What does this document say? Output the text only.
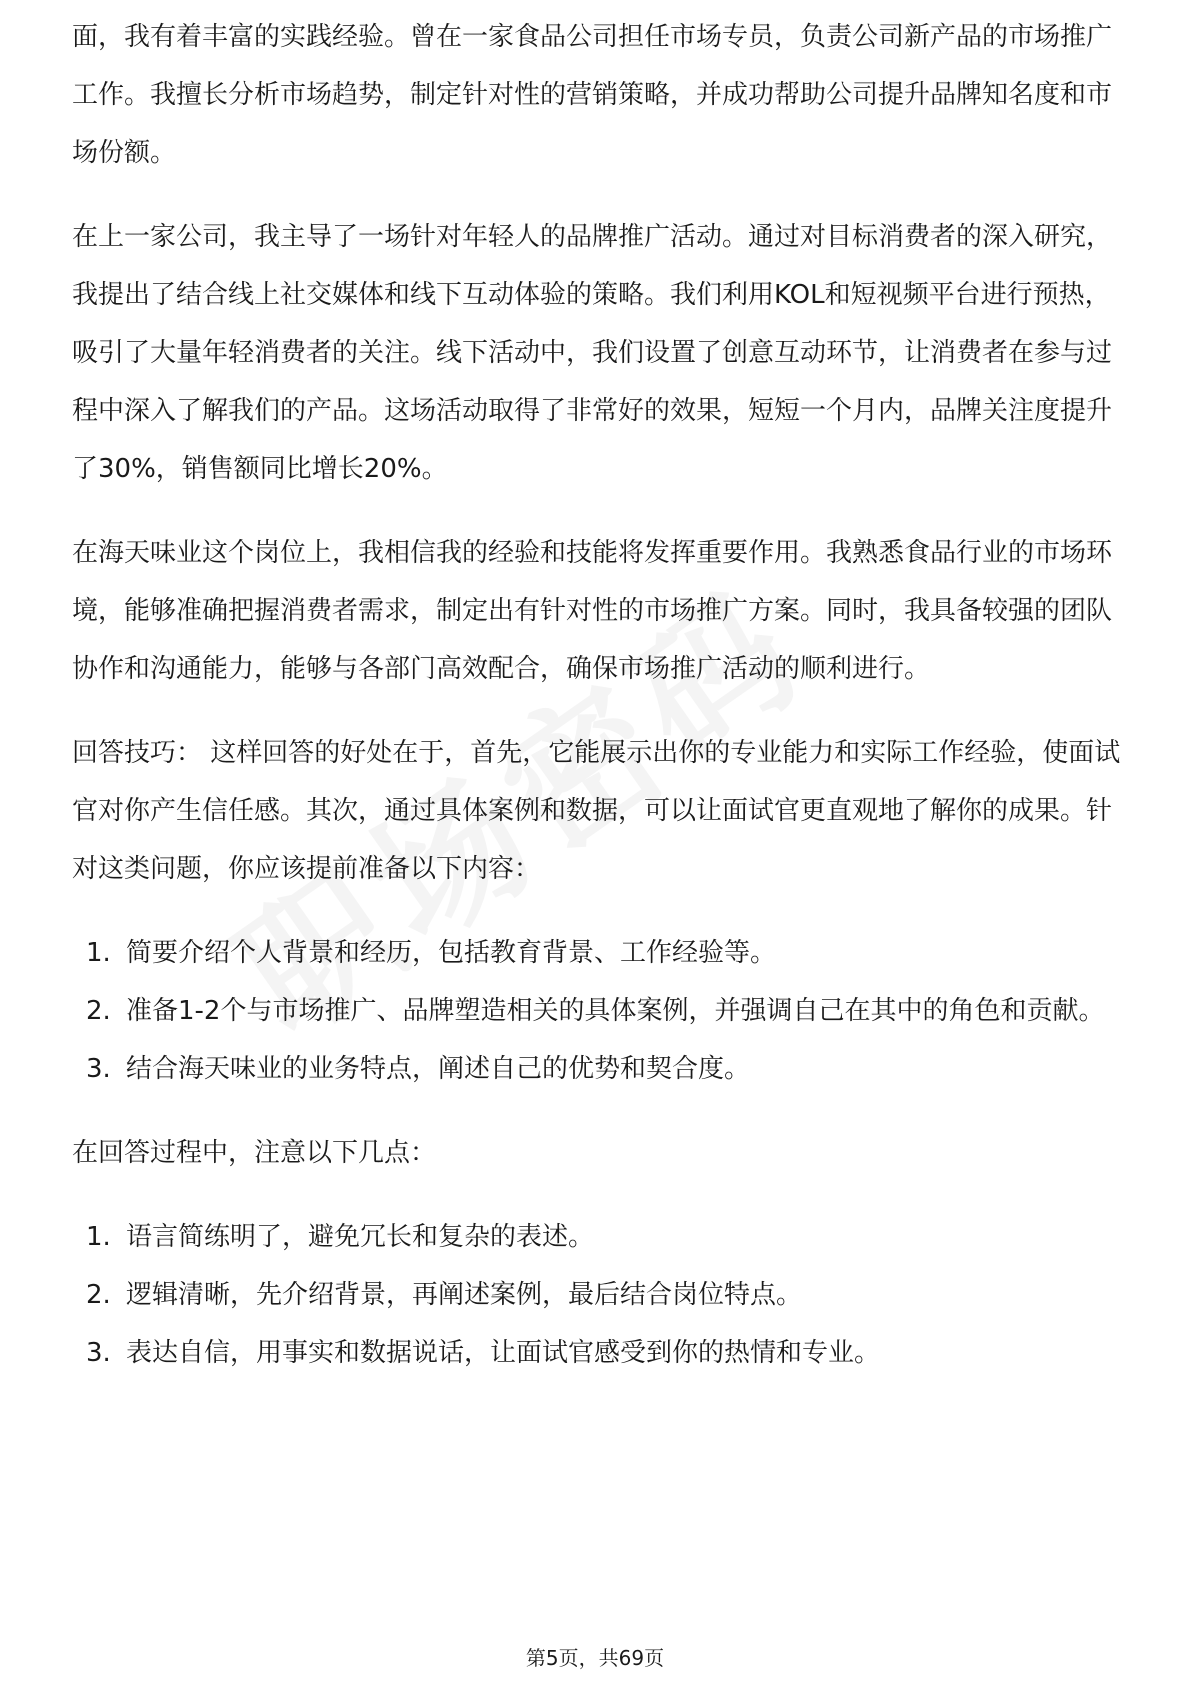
面，我有着丰富的实践经验。曾在一家食品公司担任市场专员，负责公司新产品的市场推广工作。我擅长分析市场趋势，制定针对性的营销策略，并成功帮助公司提升品牌知名度和市场份额。

在上一家公司，我主导了一场针对年轻人的品牌推广活动。通过对目标消费者的深入研究，我提出了结合线上社交媒体和线下互动体验的策略。我们利用KOL和短视频平台进行预热，吸引了大量年轻消费者的关注。线下活动中，我们设置了创意互动环节，让消费者在参与过程中深入了解我们的产品。这场活动取得了非常好的效果，短短一个月内，品牌关注度提升了30%，销售额同比增长20%。

在海天味业这个岗位上，我相信我的经验和技能将发挥重要作用。我熟悉食品行业的市场环境，能够准确把握消费者需求，制定出有针对性的市场推广方案。同时，我具备较强的团队协作和沟通能力，能够与各部门高效配合，确保市场推广活动的顺利进行。

回答技巧： 这样回答的好处在于，首先，它能展示出你的专业能力和实际工作经验，使面试官对你产生信任感。其次，通过具体案例和数据，可以让面试官更直观地了解你的成果。针对这类问题，你应该提前准备以下内容：

1. 简要介绍个人背景和经历，包括教育背景、工作经验等。
2. 准备1-2个与市场推广、品牌塑造相关的具体案例，并强调自己在其中的角色和贡献。
3. 结合海天味业的业务特点，阐述自己的优势和契合度。

在回答过程中，注意以下几点：

1. 语言简练明了，避免冗长和复杂的表述。
2. 逻辑清晰，先介绍背景，再阐述案例，最后结合岗位特点。
3. 表达自信，用事实和数据说话，让面试官感受到你的热情和专业。
第5页，共69页
